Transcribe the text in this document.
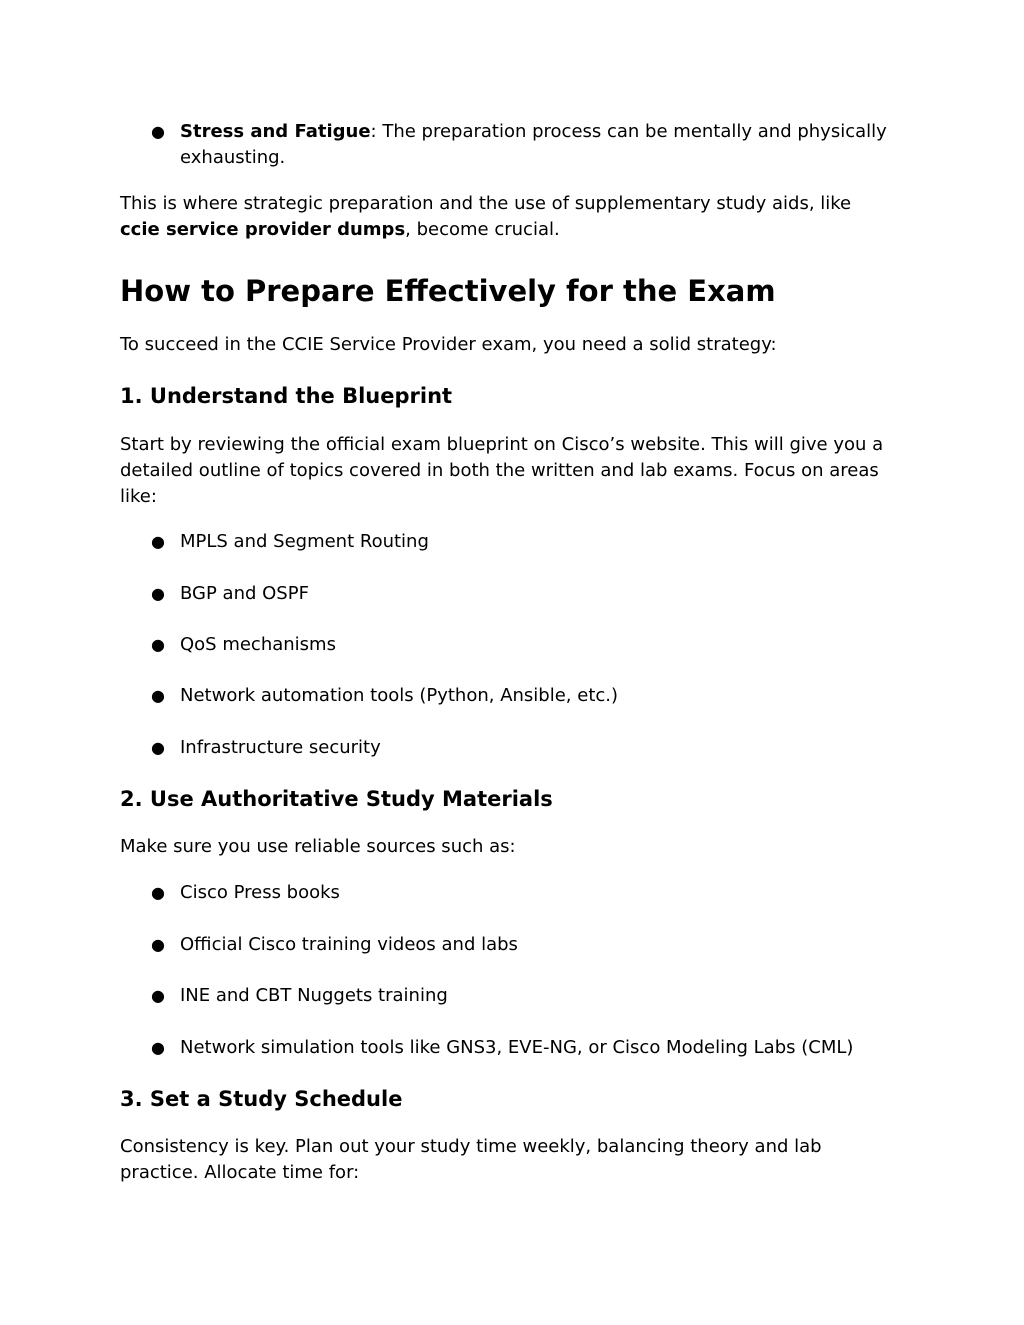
● Stress and Fatigue: The preparation process can be mentally and physically
exhausting.
This is where strategic preparation and the use of supplementary study aids, like
ccie service provider dumps, become crucial.
How to Prepare Effectively for the Exam
To succeed in the CCIE Service Provider exam, you need a solid strategy:
1. Understand the Blueprint
Start by reviewing the official exam blueprint on Cisco’s website. This will give you a
detailed outline of topics covered in both the written and lab exams. Focus on areas
like:
● MPLS and Segment Routing
● BGP and OSPF
● QoS mechanisms
● Network automation tools (Python, Ansible, etc.)
● Infrastructure security
2. Use Authoritative Study Materials
Make sure you use reliable sources such as:
● Cisco Press books
● Official Cisco training videos and labs
● INE and CBT Nuggets training
● Network simulation tools like GNS3, EVE-NG, or Cisco Modeling Labs (CML)
3. Set a Study Schedule
Consistency is key. Plan out your study time weekly, balancing theory and lab
practice. Allocate time for:
